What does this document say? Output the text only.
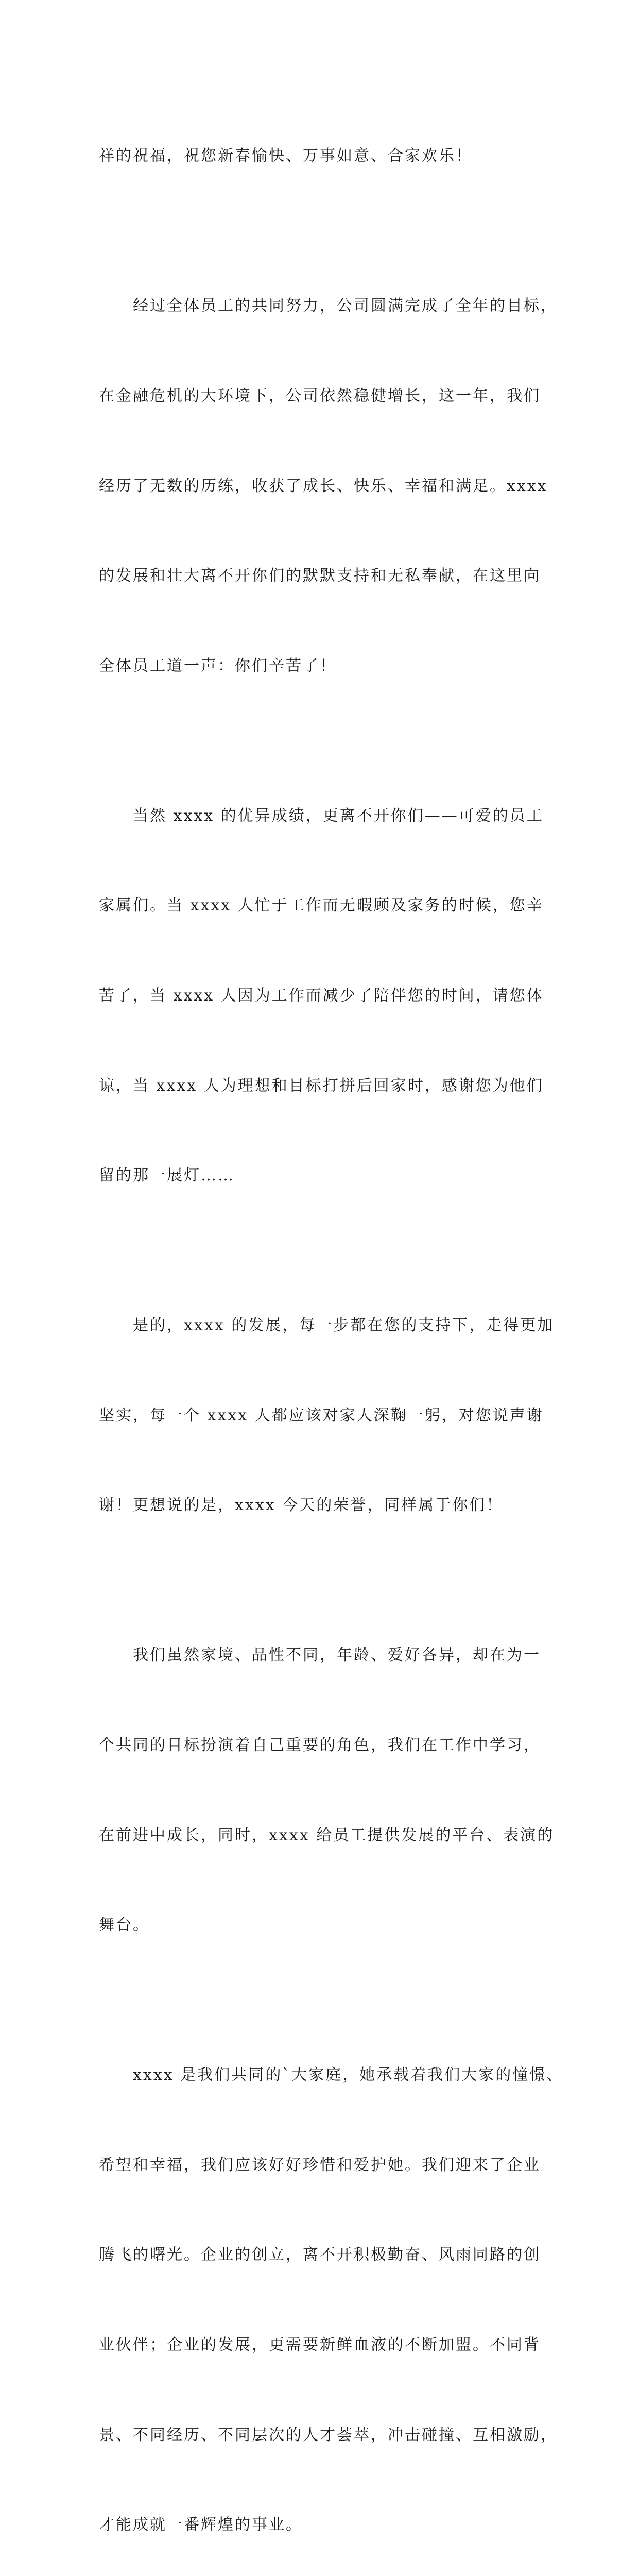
祥的祝福，祝您新春愉快、万事如意、合家欢乐！

　　经过全体员工的共同努力，公司圆满完成了全年的目标，

在金融危机的大环境下，公司依然稳健增长，这一年，我们

经历了无数的历练，收获了成长、快乐、幸福和满足。xxxx

的发展和壮大离不开你们的默默支持和无私奉献，在这里向

全体员工道一声：你们辛苦了！

　　当然 xxxx 的优异成绩，更离不开你们——可爱的员工

家属们。当 xxxx 人忙于工作而无暇顾及家务的时候，您辛

苦了，当 xxxx 人因为工作而减少了陪伴您的时间，请您体

谅，当 xxxx 人为理想和目标打拼后回家时，感谢您为他们

留的那一展灯……

　　是的，xxxx 的发展，每一步都在您的支持下，走得更加

坚实，每一个 xxxx 人都应该对家人深鞠一躬，对您说声谢

谢！更想说的是，xxxx 今天的荣誉，同样属于你们！

　　我们虽然家境、品性不同，年龄、爱好各异，却在为一

个共同的目标扮演着自己重要的角色，我们在工作中学习，

在前进中成长，同时，xxxx 给员工提供发展的平台、表演的

舞台。

　　xxxx 是我们共同的`大家庭，她承载着我们大家的憧憬、

希望和幸福，我们应该好好珍惜和爱护她。我们迎来了企业

腾飞的曙光。企业的创立，离不开积极勤奋、风雨同路的创

业伙伴；企业的发展，更需要新鲜血液的不断加盟。不同背

景、不同经历、不同层次的人才荟萃，冲击碰撞、互相激励，

才能成就一番辉煌的事业。
